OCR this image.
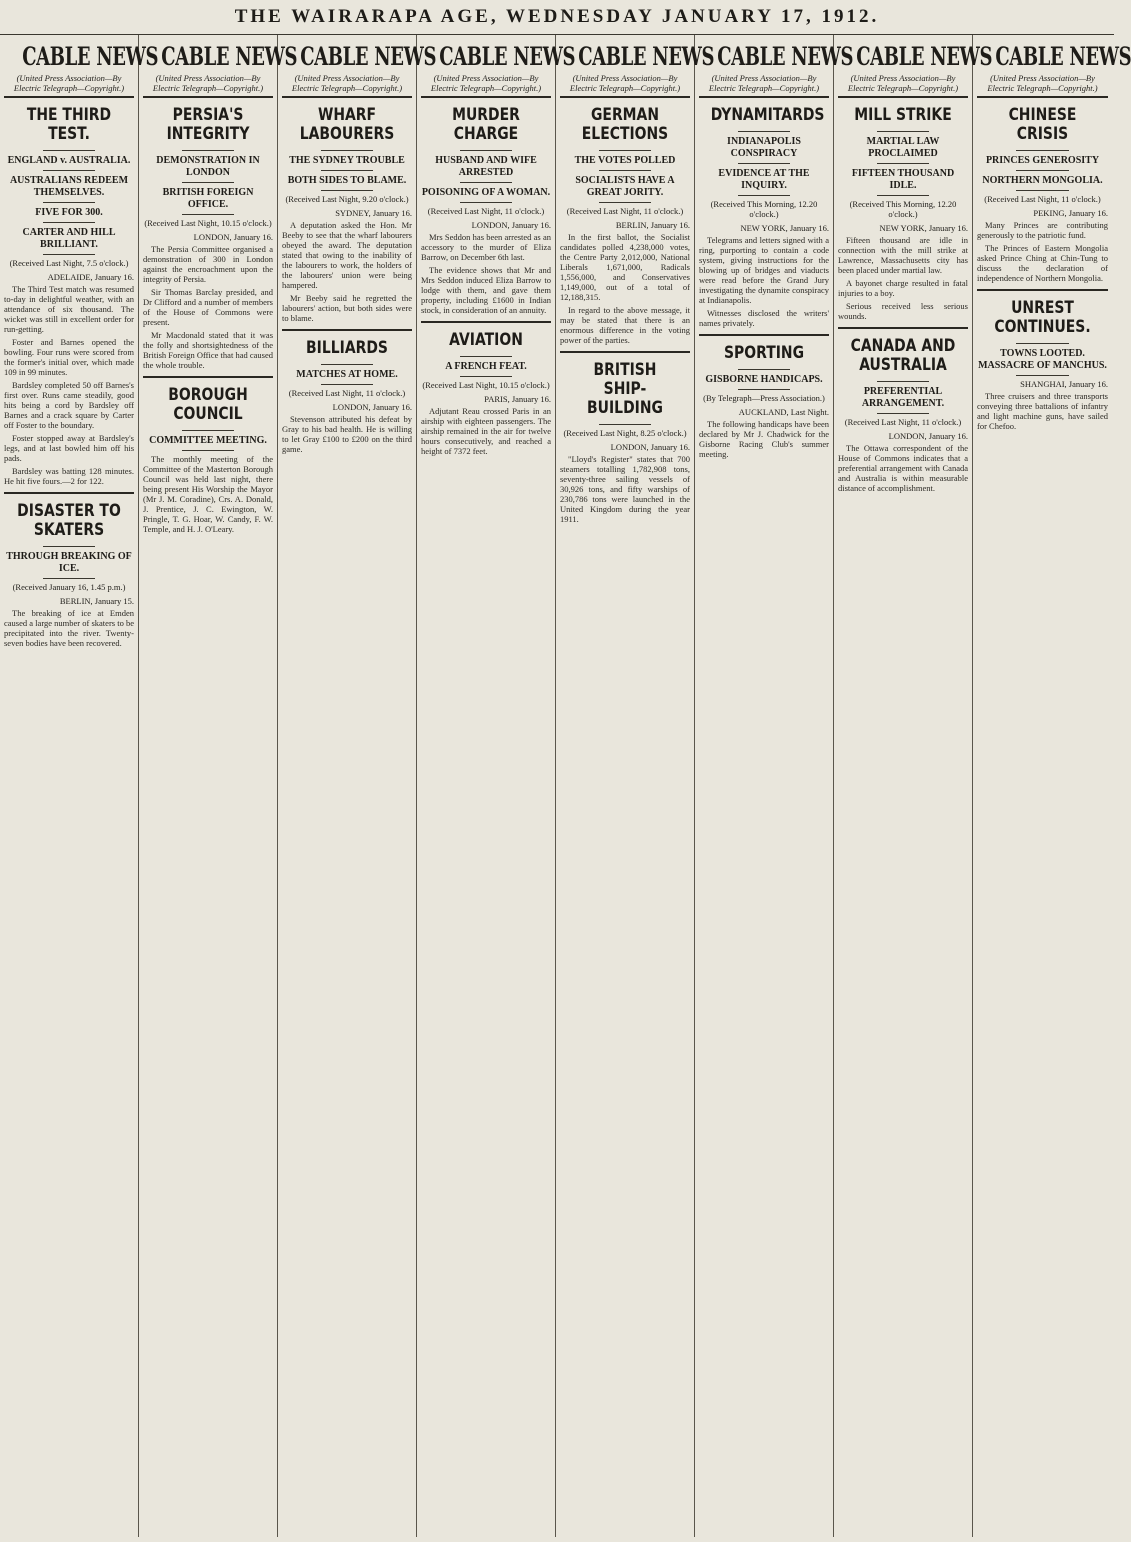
THE WAIRARAPA AGE, WEDNESDAY JANUARY 17, 1912.
CABLE NEWS
(United Press Association—By Electric Telegraph—Copyright.)
THE THIRD TEST.
ENGLAND v. AUSTRALIA.
AUSTRALIANS REDEEM THEMSELVES.
FIVE FOR 300.
CARTER AND HILL BRILLIANT.
(Received Last Night, 7.5 o'clock.)
ADELAIDE, January 16.
The Third Test match was resumed to-day in delightful weather, with an attendance of six thousand. The wicket was still in excellent order for run-getting.
Foster and Barnes opened the bowling. Four runs were scored from the former's initial over, which made 109 in 99 minutes.
Bardsley completed 50 off Barnes's first over. Runs came steadily, good hits being a cord by Bardsley off Barnes and a crack square by Carter off Foster to the boundary.
Foster stopped away at Bardsley's legs, and at last bowled him off his pads.
Bardsley was batting 128 minutes. He hit five fours.—2 for 122.
DISASTER TO SKATERS
THROUGH BREAKING OF ICE.
(Received January 16, 1.45 p.m.)
BERLIN, January 15.
The breaking of ice at Emden caused a large number of skaters to be precipitated into the river. Twenty-seven bodies have been recovered.
CABLE NEWS
(United Press Association—By Electric Telegraph—Copyright.)
PERSIA'S INTEGRITY
DEMONSTRATION IN LONDON
BRITISH FOREIGN OFFICE.
(Received Last Night, 10.15 o'clock.)
LONDON, January 16.
The Persia Committee organised a demonstration of 300 in London against the encroachment upon the integrity of Persia.
Sir Thomas Barclay presided, and Dr Clifford and a number of members of the House of Commons were present.
Mr Macdonald stated that it was the folly and shortsightedness of the British Foreign Office that had caused the whole trouble.
BOROUGH COUNCIL
COMMITTEE MEETING.
The monthly meeting of the Committee of the Masterton Borough Council was held last night, there being present His Worship the Mayor (Mr J. M. Coradine), Crs. A. Donald, J. Prentice, J. C. Ewington, W. Pringle, T. G. Hoar, W. Candy, F. W. Temple, and H. J. O'Leary.
CABLE NEWS
(United Press Association—By Electric Telegraph—Copyright.)
WHARF LABOURERS
THE SYDNEY TROUBLE
BOTH SIDES TO BLAME.
(Received Last Night, 9.20 o'clock.)
SYDNEY, January 16.
A deputation asked the Hon. Mr Beeby to see that the wharf labourers obeyed the award. The deputation stated that owing to the inability of the labourers to work, the holders of the labourers' union were being hampered.
Mr Beeby said he regretted the labourers' action, but both sides were to blame.
BILLIARDS
MATCHES AT HOME.
(Received Last Night, 11 o'clock.)
LONDON, January 16.
Stevenson attributed his defeat by Gray to his bad health. He is willing to let Gray £100 to £200 on the third game.
CABLE NEWS
(United Press Association—By Electric Telegraph—Copyright.)
MURDER CHARGE
HUSBAND AND WIFE ARRESTED
POISONING OF A WOMAN.
(Received Last Night, 11 o'clock.)
LONDON, January 16.
Mrs Seddon has been arrested as an accessory to the murder of Eliza Barrow, on December 6th last.
The evidence shows that Mr and Mrs Seddon induced Eliza Barrow to lodge with them, and gave them property, including £1600 in Indian stock, in consideration of an annuity.
AVIATION
A FRENCH FEAT.
(Received Last Night, 10.15 o'clock.)
PARIS, January 16.
Adjutant Reau crossed Paris in an airship with eighteen passengers. The airship remained in the air for twelve hours consecutively, and reached a height of 7372 feet.
CABLE NEWS
(United Press Association—By Electric Telegraph—Copyright.)
GERMAN ELECTIONS
THE VOTES POLLED
SOCIALISTS HAVE A GREAT JORITY.
(Received Last Night, 11 o'clock.)
BERLIN, January 16.
In the first ballot, the Socialist candidates polled 4,238,000 votes, the Centre Party 2,012,000, National Liberals 1,671,000, Radicals 1,556,000, and Conservatives 1,149,000, out of a total of 12,188,315.
In regard to the above message, it may be stated that there is an enormous difference in the voting power of the parties.
BRITISH SHIP-BUILDING
(Received Last Night, 8.25 o'clock.)
LONDON, January 16.
"Lloyd's Register" states that 700 steamers totalling 1,782,908 tons, seventy-three sailing vessels of 30,926 tons, and fifty warships of 230,786 tons were launched in the United Kingdom during the year 1911.
CABLE NEWS
(United Press Association—By Electric Telegraph—Copyright.)
DYNAMITARDS
INDIANAPOLIS CONSPIRACY
EVIDENCE AT THE INQUIRY.
(Received This Morning, 12.20 o'clock.)
NEW YORK, January 16.
Telegrams and letters signed with a ring, purporting to contain a code system, giving instructions for the blowing up of bridges and viaducts were read before the Grand Jury investigating the dynamite conspiracy at Indianapolis.
Witnesses disclosed the writers' names privately.
SPORTING
GISBORNE HANDICAPS.
(By Telegraph—Press Association.)
AUCKLAND, Last Night.
The following handicaps have been declared by Mr J. Chadwick for the Gisborne Racing Club's summer meeting.
CABLE NEWS
(United Press Association—By Electric Telegraph—Copyright.)
MILL STRIKE
MARTIAL LAW PROCLAIMED
FIFTEEN THOUSAND IDLE.
(Received This Morning, 12.20 o'clock.)
NEW YORK, January 16.
Fifteen thousand are idle in connection with the mill strike at Lawrence, Massachusetts city has been placed under martial law.
A bayonet charge resulted in fatal injuries to a boy.
Serious received less serious wounds.
CANADA AND AUSTRALIA
PREFERENTIAL ARRANGEMENT.
(Received Last Night, 11 o'clock.)
LONDON, January 16.
The Ottawa correspondent of the House of Commons indicates that a preferential arrangement with Canada and Australia is within measurable distance of accomplishment.
CABLE NEWS
(United Press Association—By Electric Telegraph—Copyright.)
CHINESE CRISIS
PRINCES GENEROSITY
NORTHERN MONGOLIA.
(Received Last Night, 11 o'clock.)
PEKING, January 16.
Many Princes are contributing generously to the patriotic fund.
The Princes of Eastern Mongolia asked Prince Ching at Chin-Tung to discuss the declaration of independence of Northern Mongolia.
UNREST CONTINUES.
TOWNS LOOTED. MASSACRE OF MANCHUS.
SHANGHAI, January 16.
Three cruisers and three transports conveying three battalions of infantry and light machine guns, have sailed for Chefoo.
